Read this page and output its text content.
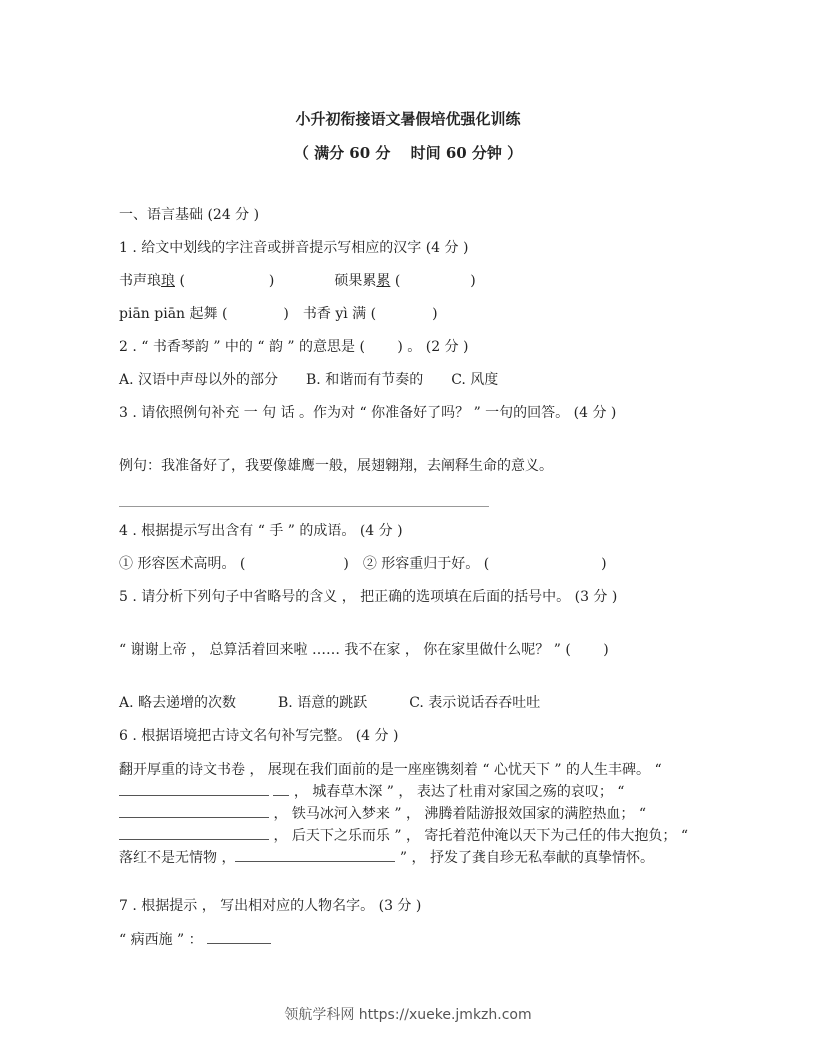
小升初衔接语文暑假培优强化训练
（ 满分 60 分　 时间 60 分钟 ）
一、语言基础 (24 分 )
1 . 给文中划线的字注音或拼音提示写相应的汉字 (4 分 )
书声琅琅 (　　　　　　)	硕果累累 (　　　　　)
piān piān 起舞 (　　　　)　书香 yì 满 (　　　　)
2 . “ 书香琴韵 ” 中的 “ 韵 ” 的意思是 (　　 ) 。 (2 分 )
A. 汉语中声母以外的部分　　B. 和谐而有节奏的　　C. 风度
3 . 请依照例句补充 一 句 话 。作为对 “ 你准备好了吗？ ” 一句的回答。 (4 分 )
例句：我准备好了，我要像雄鹰一般，展翅翱翔，去阐释生命的意义。
4 . 根据提示写出含有 “ 手 ” 的成语。 (4 分 )
① 形容医术高明。 (　　　　　　　)　② 形容重归于好。 (　　　　　　　　)
5 . 请分析下列句子中省略号的含义 ， 把正确的选项填在后面的括号中。 (3 分 )
“ 谢谢上帝 ， 总算活着回来啦 …… 我不在家 ， 你在家里做什么呢？ ” (　　 )
A. 略去递增的次数　　　B. 语意的跳跃　　　C. 表示说话吞吞吐吐
6 . 根据语境把古诗文名句补写完整。 (4 分 )
翻开厚重的诗文书卷 ， 展现在我们面前的是一座座镌刻着 “ 心忧天下 ” 的人生丰碑。 “  ， 城春草木深 ” ， 表达了杜甫对家国之殇的哀叹； “ ， 铁马冰河入梦来 ” ， 沸腾着陆游报效国家的满腔热血； “ ， 后天下之乐而乐 ” ， 寄托着范仲淹以天下为己任的伟大抱负； “ 落红不是无情物 ，	” ， 抒发了龚自珍无私奉献的真挚情怀。
7 . 根据提示 ， 写出相对应的人物名字。 (3 分 )
“ 病西施 ” ：
领航学科网 https://xueke.jmkzh.com
